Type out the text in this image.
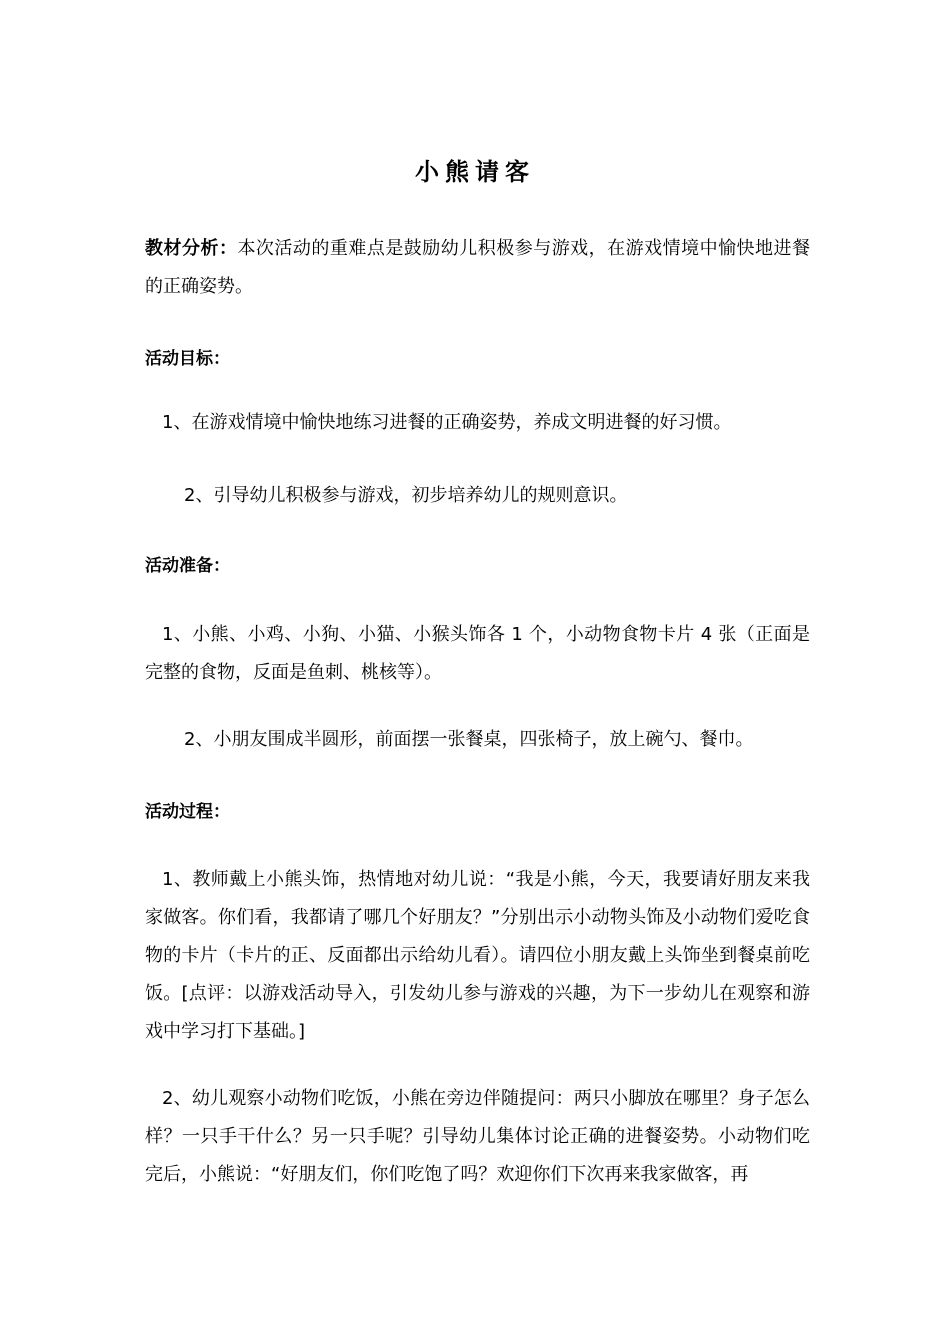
小熊请客
教材分析：本次活动的重难点是鼓励幼儿积极参与游戏，在游戏情境中愉快地进餐的正确姿势。
活动目标：
1、在游戏情境中愉快地练习进餐的正确姿势，养成文明进餐的好习惯。
2、引导幼儿积极参与游戏，初步培养幼儿的规则意识。
活动准备：
1、小熊、小鸡、小狗、小猫、小猴头饰各 1 个，小动物食物卡片 4 张（正面是完整的食物，反面是鱼刺、桃核等）。
2、小朋友围成半圆形，前面摆一张餐桌，四张椅子，放上碗勺、餐巾。
活动过程：
1、教师戴上小熊头饰，热情地对幼儿说：“我是小熊，今天，我要请好朋友来我家做客。你们看，我都请了哪几个好朋友？”分别出示小动物头饰及小动物们爱吃食物的卡片（卡片的正、反面都出示给幼儿看）。请四位小朋友戴上头饰坐到餐桌前吃饭。[点评：以游戏活动导入，引发幼儿参与游戏的兴趣，为下一步幼儿在观察和游戏中学习打下基础。]
2、幼儿观察小动物们吃饭，小熊在旁边伴随提问：两只小脚放在哪里？身子怎么样？一只手干什么？另一只手呢？引导幼儿集体讨论正确的进餐姿势。小动物们吃完后，小熊说：“好朋友们，你们吃饱了吗？欢迎你们下次再来我家做客，再
